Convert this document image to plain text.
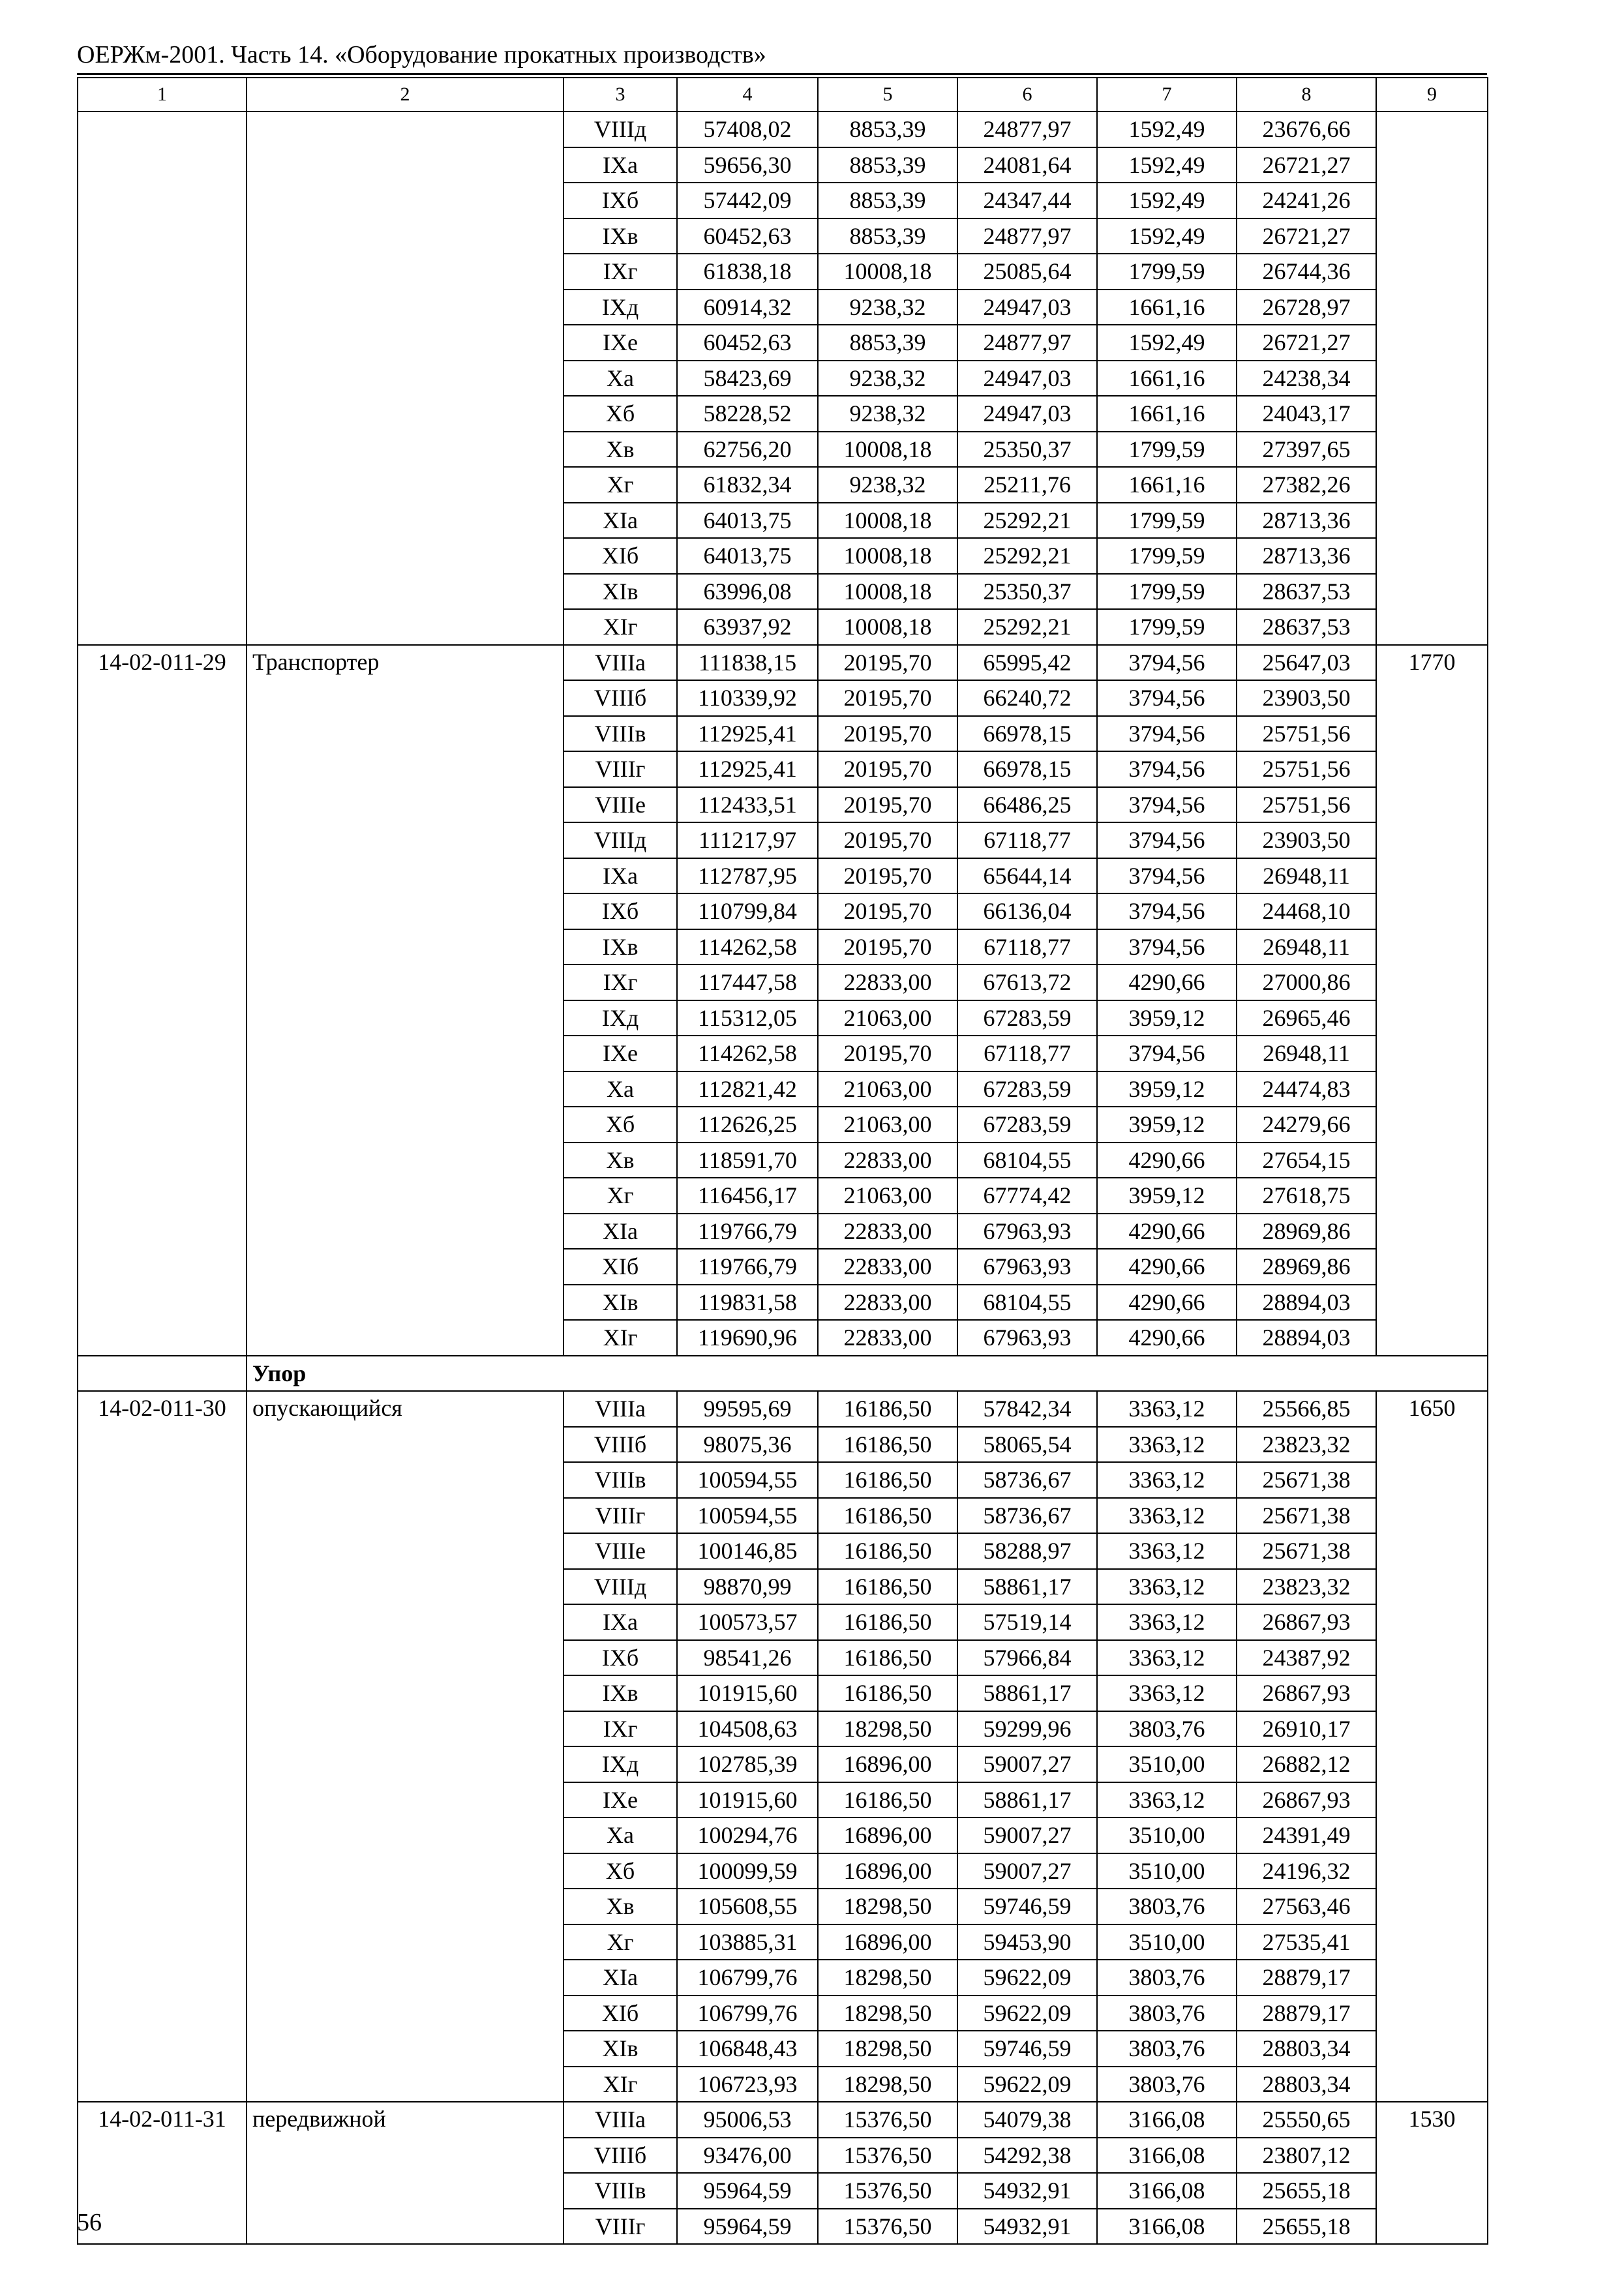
ОЕРЖм-2001. Часть 14. «Оборудование прокатных производств»
1	2	3	4	5	6	7	8	9
		VIIIд	57408,02	8853,39	24877,97	1592,49	23676,66	
		IXа	59656,30	8853,39	24081,64	1592,49	26721,27	
		IXб	57442,09	8853,39	24347,44	1592,49	24241,26	
		IXв	60452,63	8853,39	24877,97	1592,49	26721,27	
		IXг	61838,18	10008,18	25085,64	1799,59	26744,36	
		IXд	60914,32	9238,32	24947,03	1661,16	26728,97	
		IXе	60452,63	8853,39	24877,97	1592,49	26721,27	
		Xа	58423,69	9238,32	24947,03	1661,16	24238,34	
		Xб	58228,52	9238,32	24947,03	1661,16	24043,17	
		Xв	62756,20	10008,18	25350,37	1799,59	27397,65	
		Xг	61832,34	9238,32	25211,76	1661,16	27382,26	
		XIа	64013,75	10008,18	25292,21	1799,59	28713,36	
		XIб	64013,75	10008,18	25292,21	1799,59	28713,36	
		XIв	63996,08	10008,18	25350,37	1799,59	28637,53	
		XIг	63937,92	10008,18	25292,21	1799,59	28637,53	
14-02-011-29	Транспортер	VIIIа	111838,15	20195,70	65995,42	3794,56	25647,03	1770
		VIIIб	110339,92	20195,70	66240,72	3794,56	23903,50	
		VIIIв	112925,41	20195,70	66978,15	3794,56	25751,56	
		VIIIг	112925,41	20195,70	66978,15	3794,56	25751,56	
		VIIIе	112433,51	20195,70	66486,25	3794,56	25751,56	
		VIIIд	111217,97	20195,70	67118,77	3794,56	23903,50	
		IXа	112787,95	20195,70	65644,14	3794,56	26948,11	
		IXб	110799,84	20195,70	66136,04	3794,56	24468,10	
		IXв	114262,58	20195,70	67118,77	3794,56	26948,11	
		IXг	117447,58	22833,00	67613,72	4290,66	27000,86	
		IXд	115312,05	21063,00	67283,59	3959,12	26965,46	
		IXе	114262,58	20195,70	67118,77	3794,56	26948,11	
		Xа	112821,42	21063,00	67283,59	3959,12	24474,83	
		Xб	112626,25	21063,00	67283,59	3959,12	24279,66	
		Xв	118591,70	22833,00	68104,55	4290,66	27654,15	
		Xг	116456,17	21063,00	67774,42	3959,12	27618,75	
		XIа	119766,79	22833,00	67963,93	4290,66	28969,86	
		XIб	119766,79	22833,00	67963,93	4290,66	28969,86	
		XIв	119831,58	22833,00	68104,55	4290,66	28894,03	
		XIг	119690,96	22833,00	67963,93	4290,66	28894,03	
	Упор							
14-02-011-30	опускающийся	VIIIа	99595,69	16186,50	57842,34	3363,12	25566,85	1650
		VIIIб	98075,36	16186,50	58065,54	3363,12	23823,32	
		VIIIв	100594,55	16186,50	58736,67	3363,12	25671,38	
		VIIIг	100594,55	16186,50	58736,67	3363,12	25671,38	
		VIIIе	100146,85	16186,50	58288,97	3363,12	25671,38	
		VIIIд	98870,99	16186,50	58861,17	3363,12	23823,32	
		IXа	100573,57	16186,50	57519,14	3363,12	26867,93	
		IXб	98541,26	16186,50	57966,84	3363,12	24387,92	
		IXв	101915,60	16186,50	58861,17	3363,12	26867,93	
		IXг	104508,63	18298,50	59299,96	3803,76	26910,17	
		IXд	102785,39	16896,00	59007,27	3510,00	26882,12	
		IXе	101915,60	16186,50	58861,17	3363,12	26867,93	
		Xа	100294,76	16896,00	59007,27	3510,00	24391,49	
		Xб	100099,59	16896,00	59007,27	3510,00	24196,32	
		Xв	105608,55	18298,50	59746,59	3803,76	27563,46	
		Xг	103885,31	16896,00	59453,90	3510,00	27535,41	
		XIа	106799,76	18298,50	59622,09	3803,76	28879,17	
		XIб	106799,76	18298,50	59622,09	3803,76	28879,17	
		XIв	106848,43	18298,50	59746,59	3803,76	28803,34	
		XIг	106723,93	18298,50	59622,09	3803,76	28803,34	
14-02-011-31	передвижной	VIIIа	95006,53	15376,50	54079,38	3166,08	25550,65	1530
		VIIIб	93476,00	15376,50	54292,38	3166,08	23807,12	
		VIIIв	95964,59	15376,50	54932,91	3166,08	25655,18	
		VIIIг	95964,59	15376,50	54932,91	3166,08	25655,18	
56
